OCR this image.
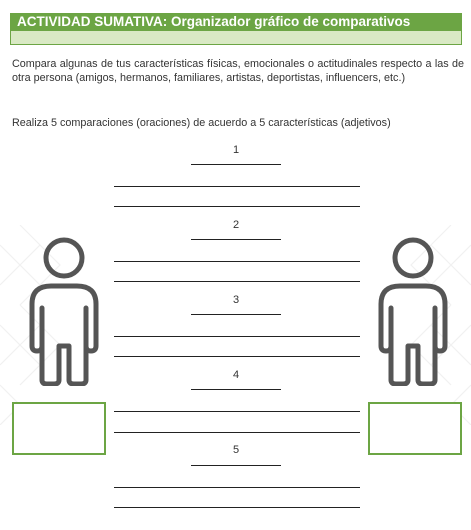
ACTIVIDAD SUMATIVA: Organizador gráfico de comparativos
Compara algunas de tus características físicas, emocionales o actitudinales respecto a las de otra persona (amigos, hermanos, familiares, artistas, deportistas, influencers, etc.)
Realiza 5 comparaciones (oraciones) de acuerdo a 5 características (adjetivos)
1
2
3
4
5
